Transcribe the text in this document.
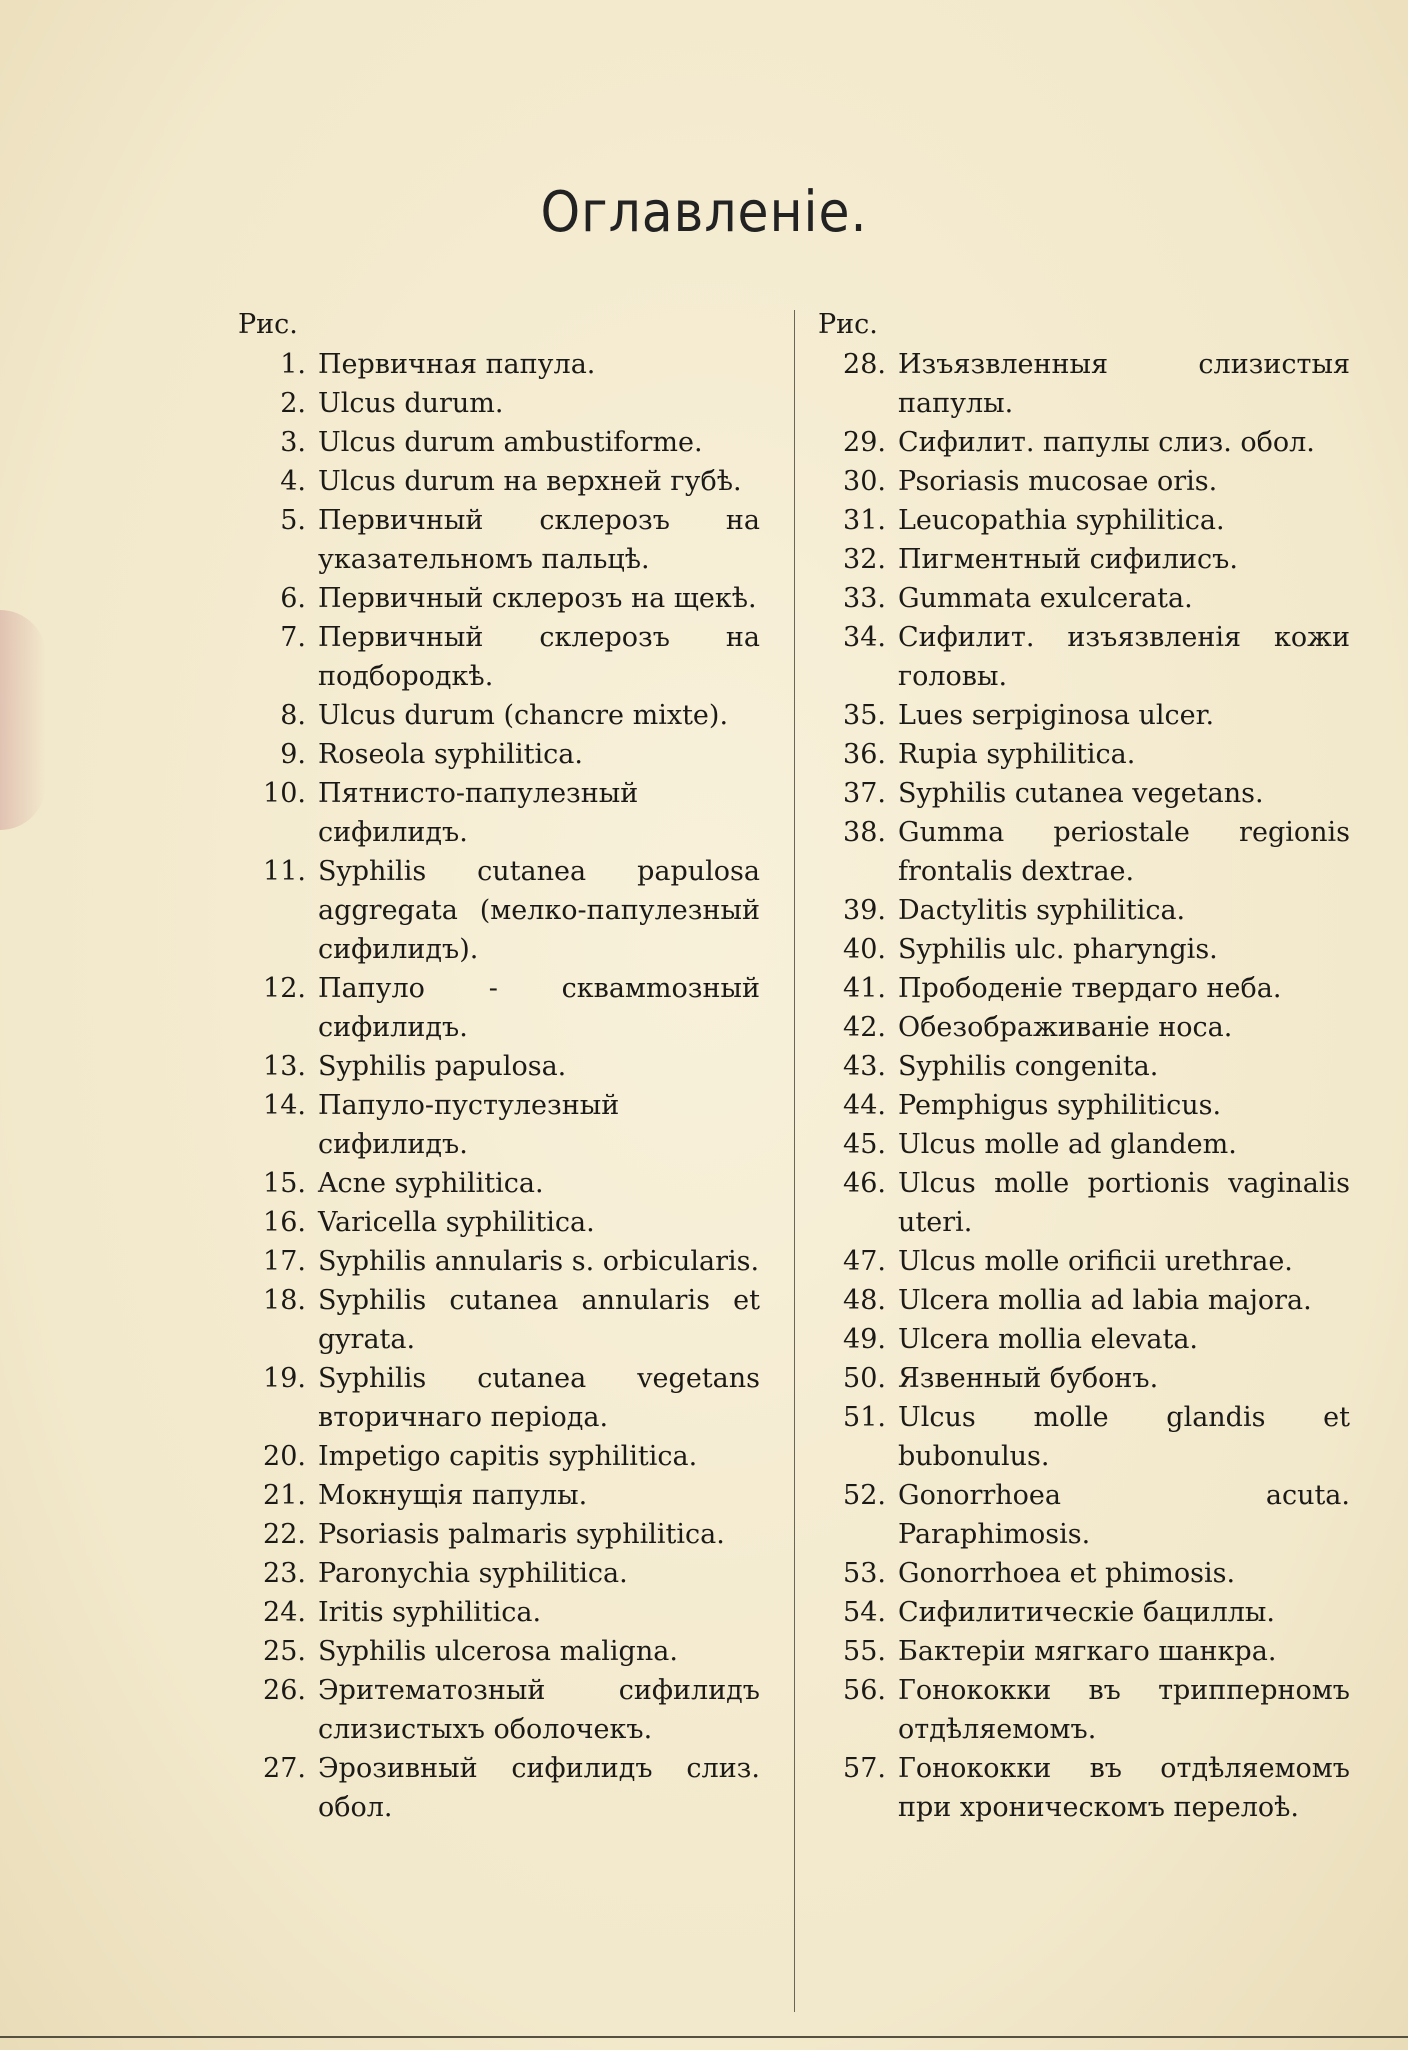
Оглавленіе.
Рис.
1. Первичная папула.
2. Ulcus durum.
3. Ulcus durum ambustiforme.
4. Ulcus durum на верхней губѣ.
5. Первичный склерозъ на указательномъ пальцѣ.
6. Первичный склерозъ на щекѣ.
7. Первичный склерозъ на подбородкѣ.
8. Ulcus durum (chancre mixte).
9. Roseola syphilitica.
10. Пятнисто-папулезный сифилидъ.
11. Syphilis cutanea papulosa aggregata (мелко-папулезный сифилидъ).
12. Папуло - сквамmозный сифилидъ.
13. Syphilis papulosa.
14. Папуло-пустулезный сифилидъ.
15. Acne syphilitica.
16. Varicella syphilitica.
17. Syphilis annularis s. orbicularis.
18. Syphilis cutanea annularis et gyrata.
19. Syphilis cutanea vegetans вторичнаго періода.
20. Impetigo capitis syphilitica.
21. Мокнущія папулы.
22. Psoriasis palmaris syphilitica.
23. Paronychia syphilitica.
24. Iritis syphilitica.
25. Syphilis ulcerosa maligna.
26. Эритематозный сифилидъ слизистыхъ оболочекъ.
27. Эрозивный сифилидъ слиз. обол.
Рис.
28. Изъязвленныя слизистыя папулы.
29. Сифилит. папулы слиз. обол.
30. Psoriasis mucosae oris.
31. Leucopathia syphilitica.
32. Пигментный сифилисъ.
33. Gummata exulcerata.
34. Сифилит. изъязвленія кожи головы.
35. Lues serpiginosa ulcer.
36. Rupia syphilitica.
37. Syphilis cutanea vegetans.
38. Gumma periostale regionis frontalis dextrae.
39. Dactylitis syphilitica.
40. Syphilis ulc. pharyngis.
41. Прободеніе твердаго неба.
42. Обезображиваніе носа.
43. Syphilis congenita.
44. Pemphigus syphiliticus.
45. Ulcus molle ad glandem.
46. Ulcus molle portionis vaginalis uteri.
47. Ulcus molle orificii urethrae.
48. Ulcera mollia ad labia majora.
49. Ulcera mollia elevata.
50. Язвенный бубонъ.
51. Ulcus molle glandis et bubonulus.
52. Gonorrhoea acuta. Paraphimosis.
53. Gonorrhoea et phimosis.
54. Сифилитическіе бациллы.
55. Бактеріи мягкаго шанкра.
56. Гонококки въ трипперномъ отдѣляемомъ.
57. Гонококки въ отдѣляемомъ при хроническомъ перелоѣ.
